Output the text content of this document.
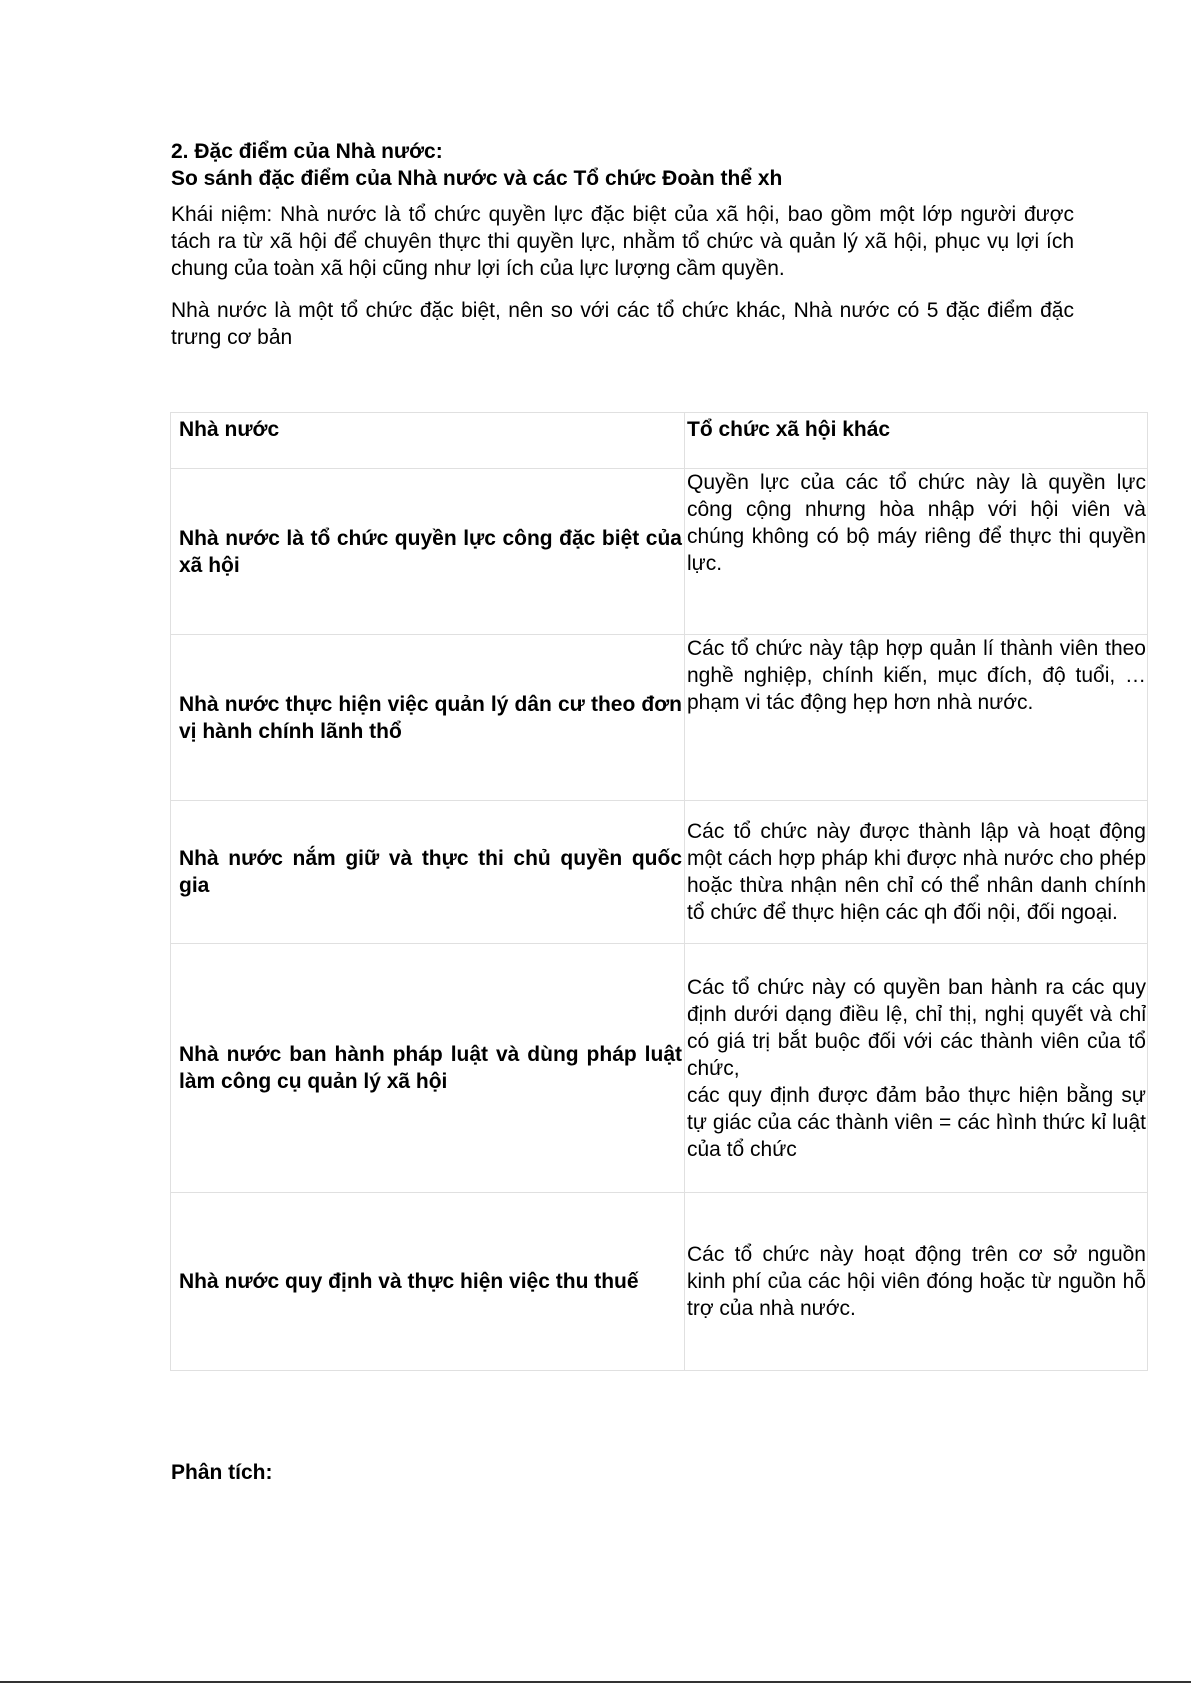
2. Đặc điểm của Nhà nước:

So sánh đặc điểm của Nhà nước và các Tổ chức Đoàn thể xh

Khái niệm: Nhà nước là tổ chức quyền lực đặc biệt của xã hội, bao gồm một lớp người được tách ra từ xã hội để chuyên thực thi quyền lực, nhằm tổ chức và quản lý xã hội, phục vụ lợi ích chung của toàn xã hội cũng như lợi ích của lực lượng cầm quyền.

Nhà nước là một tổ chức đặc biệt, nên so với các tổ chức khác, Nhà nước có 5 đặc điểm đặc trưng cơ bản

Nhà nước	Tổ chức xã hội khác
Nhà nước là tổ chức quyền lực công đặc biệt của xã hội	Quyền lực của các tổ chức này là quyền lực công cộng nhưng hòa nhập với hội viên và chúng không có bộ máy riêng để thực thi quyền lực.
Nhà nước thực hiện việc quản lý dân cư theo đơn vị hành chính lãnh thổ	Các tổ chức này tập hợp quản lí thành viên theo nghề nghiệp, chính kiến, mục đích, độ tuổi, … phạm vi tác động hẹp hơn nhà nước.
Nhà nước nắm giữ và thực thi chủ quyền quốc gia	Các tổ chức này được thành lập và hoạt động một cách hợp pháp khi được nhà nước cho phép hoặc thừa nhận nên chỉ có thể nhân danh chính tổ chức để thực hiện các qh đối nội, đối ngoại.
Nhà nước ban hành pháp luật và dùng pháp luật làm công cụ quản lý xã hội	Các tổ chức này có quyền ban hành ra các quy định dưới dạng điều lệ, chỉ thị, nghị quyết và chỉ có giá trị bắt buộc đối với các thành viên của tổ chức,
các quy định được đảm bảo thực hiện bằng sự tự giác của các thành viên = các hình thức kỉ luật của tổ chức

Nhà nước quy định và thực hiện việc thu thuế	Các tổ chức này hoạt động trên cơ sở nguồn kinh phí của các hội viên đóng hoặc từ nguồn hỗ trợ của nhà nước.

Phân tích:
